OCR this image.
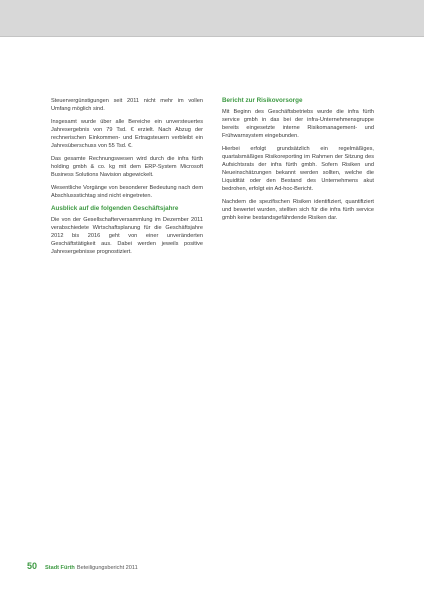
Steuervergünstigungen seit 2011 nicht mehr im vollen Umfang möglich sind.

Insgesamt wurde über alle Bereiche ein unversteuertes Jahresergebnis von 79 Tsd. € erzielt. Nach Abzug der rechnerischen Einkommen- und Ertragsteuern verbleibt ein Jahresüberschuss von 55 Tsd. €.

Das gesamte Rechnungswesen wird durch die infra fürth holding gmbh & co. kg mit dem ERP-System Microsoft Business Solutions Navision abgewickelt.

Wesentliche Vorgänge von besonderer Bedeutung nach dem Abschlussstichtag sind nicht eingetreten.

Ausblick auf die folgenden Geschäftsjahre

Die von der Gesellschafterversammlung im Dezember 2011 verabschiedete Wirtschaftsplanung für die Geschäftsjahre 2012 bis 2016 geht von einer unveränderten Geschäftstätigkeit aus. Dabei werden jeweils positive Jahresergebnisse prognostiziert.

Bericht zur Risikovorsorge

Mit Beginn des Geschäftsbetriebs wurde die infra fürth service gmbh in das bei der infra-Unternehmensgruppe bereits eingesetzte interne Risikomanagement- und Frühwarnsystem eingebunden.

Hierbei erfolgt grundsätzlich ein regelmäßiges, quartalsmäßiges Risikoreporting im Rahmen der Sitzung des Aufsichtsrats der infra fürth gmbh. Sofern Risiken und Neueinschätzungen bekannt werden sollten, welche die Liquidität oder den Bestand des Unternehmens akut bedrohen, erfolgt ein Ad-hoc-Bericht.

Nachdem die spezifischen Risiken identifiziert, quantifiziert und bewertet wurden, stellten sich für die infra fürth service gmbh keine bestandsgefährdende Risiken dar.

50 Stadt Fürth Beteiligungsbericht 2011
